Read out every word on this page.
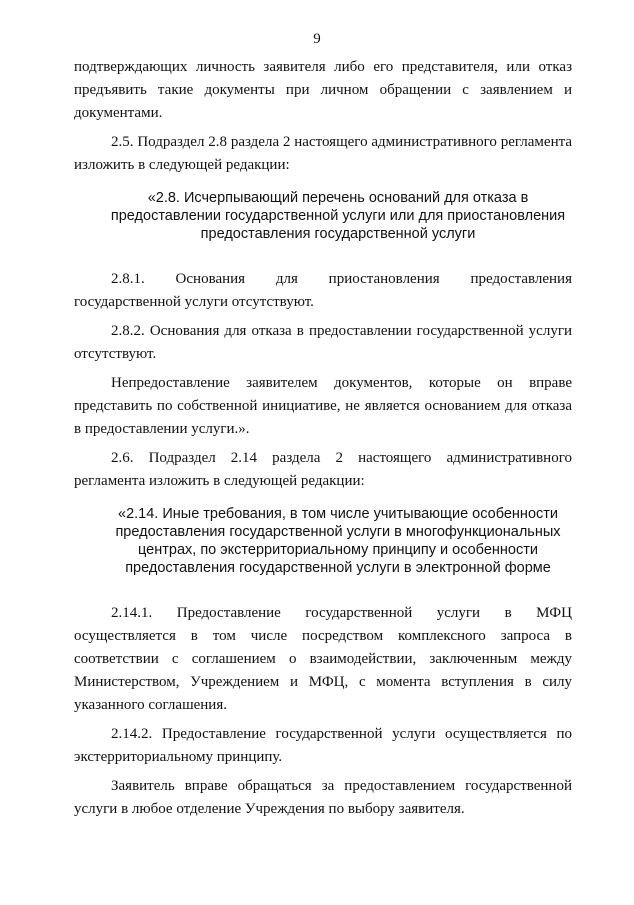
9

подтверждающих личность заявителя либо его представителя, или отказ предъявить такие документы при личном обращении с заявлением и документами.

2.5. Подраздел 2.8 раздела 2 настоящего административного регламента изложить в следующей редакции:

«2.8. Исчерпывающий перечень оснований для отказа в
предоставлении государственной услуги или для приостановления
предоставления государственной услуги

2.8.1. Основания для приостановления предоставления государственной услуги отсутствуют.

2.8.2. Основания для отказа в предоставлении государственной услуги отсутствуют.

Непредоставление заявителем документов, которые он вправе представить по собственной инициативе, не является основанием для отказа в предоставлении услуги.».

2.6. Подраздел 2.14 раздела 2 настоящего административного регламента изложить в следующей редакции:

«2.14. Иные требования, в том числе учитывающие особенности
предоставления государственной услуги в многофункциональных
центрах, по экстерриториальному принципу и особенности
предоставления государственной услуги в электронной форме

2.14.1. Предоставление государственной услуги в МФЦ осуществляется в том числе посредством комплексного запроса в соответствии с соглашением о взаимодействии, заключенным между Министерством, Учреждением и МФЦ, с момента вступления в силу указанного соглашения.

2.14.2. Предоставление государственной услуги осуществляется по экстерриториальному принципу.

Заявитель вправе обращаться за предоставлением государственной услуги в любое отделение Учреждения по выбору заявителя.
